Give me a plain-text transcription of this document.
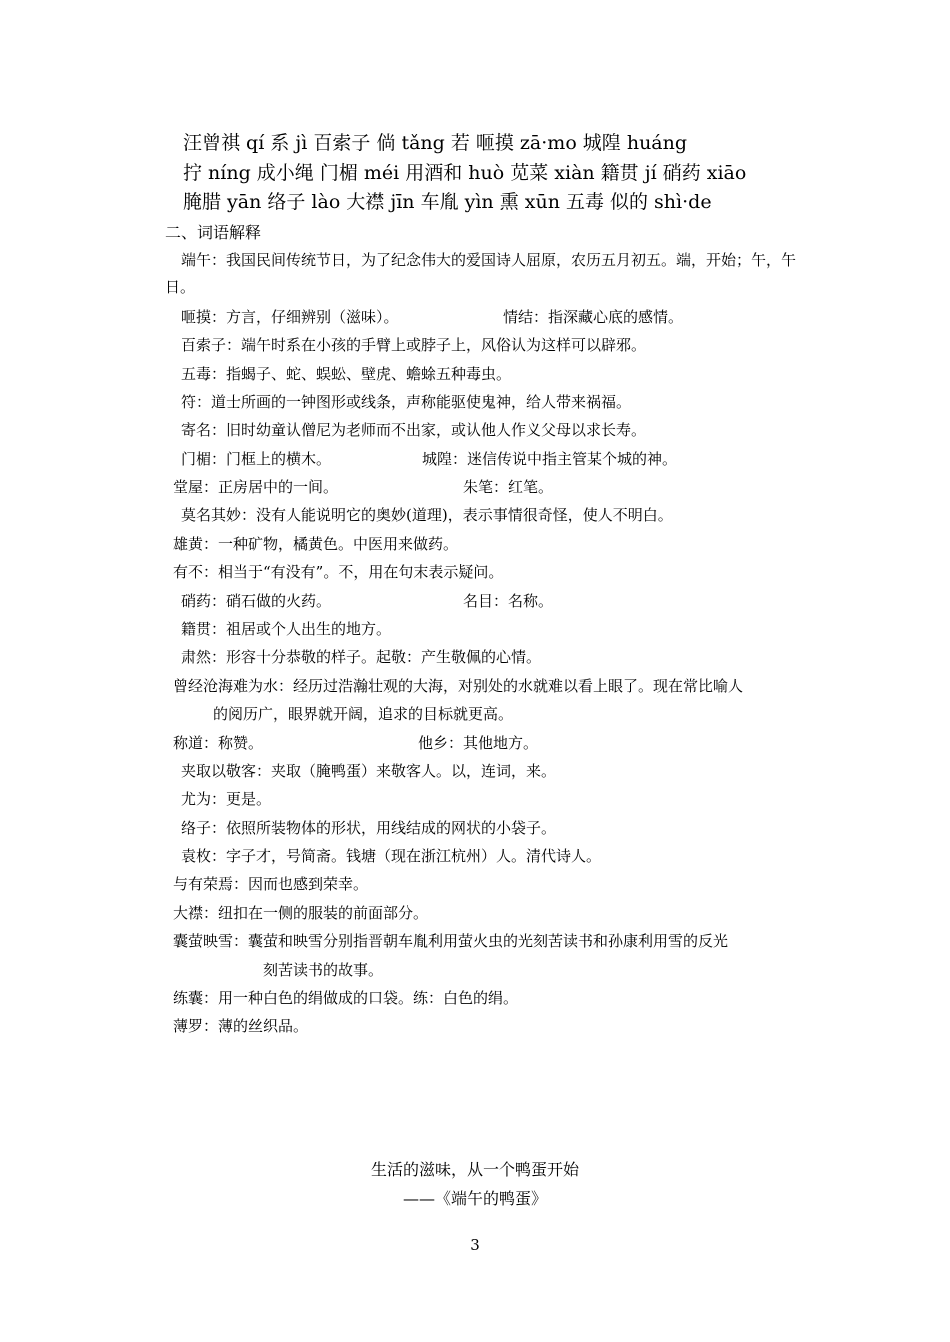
汪曾祺 qí 系 jì 百索子 倘 tǎng 若 咂摸 zā·mo 城隍 huáng
拧 níng 成小绳 门楣 méi 用酒和 huò 苋菜 xiàn 籍贯 jí 硝药 xiāo
腌腊 yān 络子 lào 大襟 jīn 车胤 yìn 熏 xūn 五毒 似的 shì·de
二、词语解释
端午：我国民间传统节日，为了纪念伟大的爱国诗人屈原，农历五月初五。端，开始；午，午
日。
咂摸：方言，仔细辨别（滋味）。	情结：指深藏心底的感情。
百索子：端午时系在小孩的手臂上或脖子上，风俗认为这样可以辟邪。
五毒：指蝎子、蛇、蜈蚣、壁虎、蟾蜍五种毒虫。
符：道士所画的一钟图形或线条，声称能驱使鬼神，给人带来祸福。
寄名：旧时幼童认僧尼为老师而不出家，或认他人作义父母以求长寿。
门楣：门框上的横木。	城隍：迷信传说中指主管某个城的神。
堂屋：正房居中的一间。	朱笔：红笔。
莫名其妙：没有人能说明它的奥妙(道理)，表示事情很奇怪，使人不明白。
雄黄：一种矿物，橘黄色。中医用来做药。
有不：相当于“有没有”。不，用在句末表示疑问。
硝药：硝石做的火药。	名目：名称。
籍贯：祖居或个人出生的地方。
肃然：形容十分恭敬的样子。起敬：产生敬佩的心情。
曾经沧海难为水：经历过浩瀚壮观的大海，对别处的水就难以看上眼了。现在常比喻人
的阅历广，眼界就开阔，追求的目标就更高。
称道：称赞。	他乡：其他地方。
夹取以敬客：夹取（腌鸭蛋）来敬客人。以，连词，来。
尤为：更是。
络子：依照所装物体的形状，用线结成的网状的小袋子。
袁枚：字子才，号简斋。钱塘（现在浙江杭州）人。清代诗人。
与有荣焉：因而也感到荣幸。
大襟：纽扣在一侧的服装的前面部分。
囊萤映雪：囊萤和映雪分别指晋朝车胤利用萤火虫的光刻苦读书和孙康利用雪的反光
刻苦读书的故事。
练囊：用一种白色的绢做成的口袋。练：白色的绢。
薄罗：薄的丝织品。
生活的滋味，从一个鸭蛋开始
——《端午的鸭蛋》
3
